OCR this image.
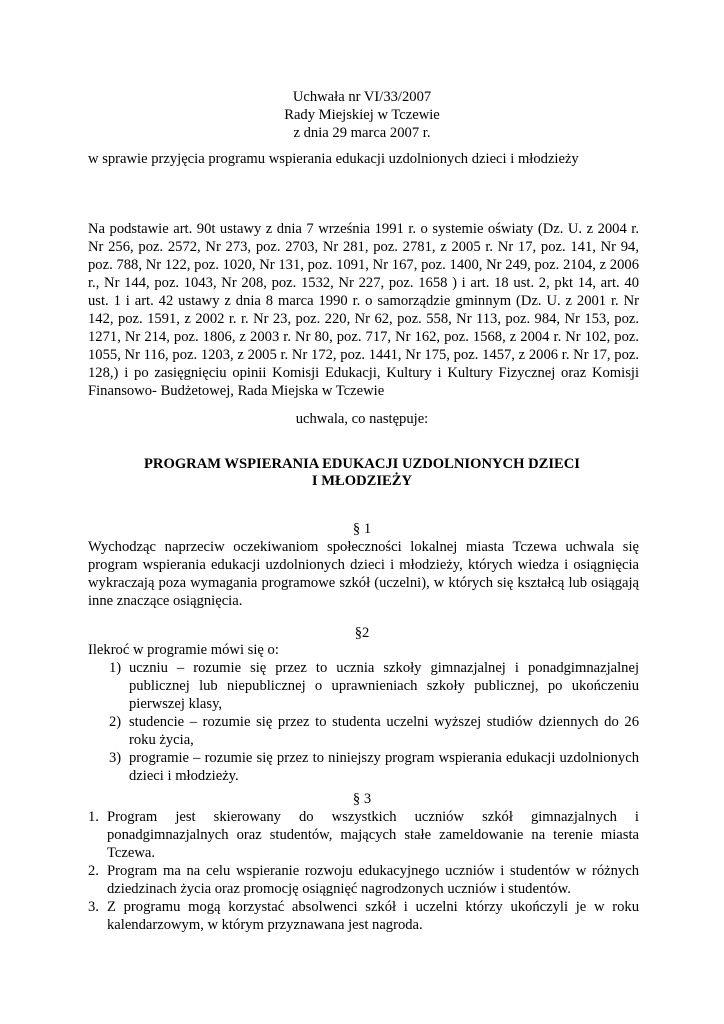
Uchwała nr VI/33/2007
Rady Miejskiej w Tczewie
z dnia 29 marca 2007 r.
w sprawie przyjęcia programu wspierania edukacji uzdolnionych dzieci i młodzieży
Na podstawie art. 90t ustawy z dnia 7 września 1991 r. o systemie oświaty (Dz. U. z 2004 r. Nr 256, poz. 2572, Nr 273, poz. 2703, Nr 281, poz. 2781, z 2005 r. Nr 17, poz. 141, Nr 94, poz. 788, Nr 122, poz. 1020, Nr 131, poz. 1091, Nr 167, poz. 1400, Nr 249, poz. 2104, z 2006 r., Nr 144, poz. 1043, Nr 208, poz. 1532, Nr 227, poz. 1658 ) i art. 18 ust. 2, pkt 14, art. 40 ust. 1 i art. 42 ustawy z dnia 8 marca 1990 r. o samorządzie gminnym (Dz. U. z 2001 r. Nr 142, poz. 1591, z 2002 r. r. Nr 23, poz. 220, Nr 62, poz. 558, Nr 113, poz. 984, Nr 153, poz. 1271, Nr 214, poz. 1806, z 2003 r. Nr 80, poz. 717, Nr 162, poz. 1568, z 2004 r. Nr 102, poz. 1055, Nr 116, poz. 1203, z 2005 r. Nr 172, poz. 1441, Nr 175, poz. 1457, z 2006 r. Nr 17, poz. 128,) i po zasięgnięciu opinii Komisji Edukacji, Kultury i Kultury Fizycznej oraz Komisji Finansowo- Budżetowej, Rada Miejska w Tczewie
uchwala, co następuje:
PROGRAM WSPIERANIA EDUKACJI UZDOLNIONYCH DZIECI
I MŁODZIEŻY
§ 1
Wychodząc naprzeciw oczekiwaniom społeczności lokalnej miasta Tczewa uchwala się program wspierania edukacji uzdolnionych dzieci i młodzieży, których wiedza i osiągnięcia wykraczają poza wymagania programowe szkół (uczelni), w których się kształcą lub osiągają inne znaczące osiągnięcia.
§2
Ilekroć w programie mówi się o:
1) uczniu – rozumie się przez to ucznia szkoły gimnazjalnej i ponadgimnazjalnej publicznej lub niepublicznej o uprawnieniach szkoły publicznej, po ukończeniu pierwszej klasy,
2) studencie – rozumie się przez to studenta uczelni wyższej studiów dziennych do 26 roku życia,
3) programie – rozumie się przez to niniejszy program wspierania edukacji uzdolnionych dzieci i młodzieży.
§ 3
1. Program jest skierowany do wszystkich uczniów szkół gimnazjalnych i ponadgimnazjalnych oraz studentów, mających stałe zameldowanie na terenie miasta Tczewa.
2. Program ma na celu wspieranie rozwoju edukacyjnego uczniów i studentów w różnych dziedzinach życia oraz promocję osiągnięć nagrodzonych uczniów i studentów.
3. Z programu mogą korzystać absolwenci szkół i uczelni którzy ukończyli je w roku kalendarzowym, w którym przyznawana jest nagroda.
